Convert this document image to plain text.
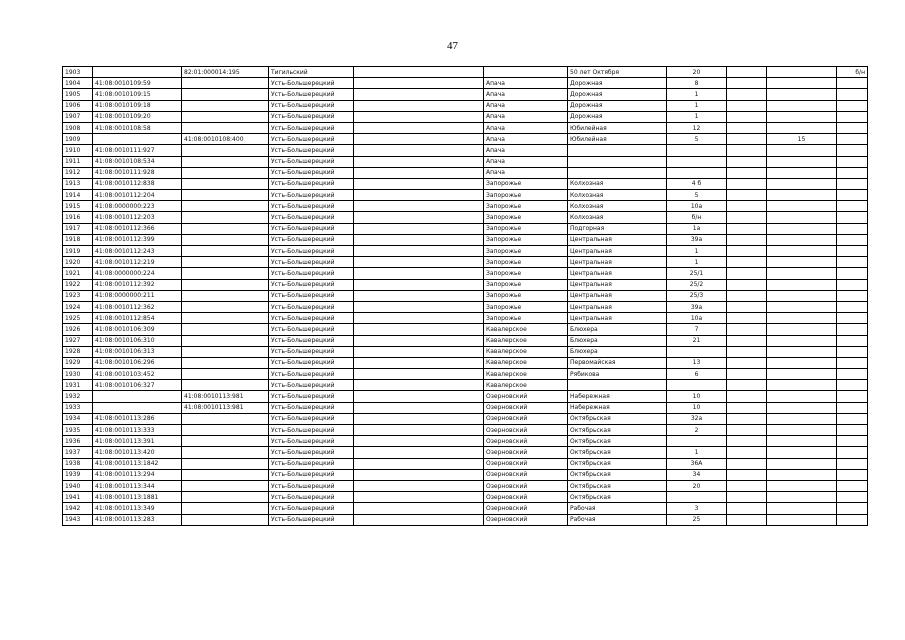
47
1903		82:01:000014:195	Тигильский			50 лет Октября	20			б/н
1904	41:08:0010109:59		Усть-Большерецкий		Апача	Дорожная	8			
1905	41:08:0010109:15		Усть-Большерецкий		Апача	Дорожная	1			
1906	41:08:0010109:18		Усть-Большерецкий		Апача	Дорожная	1			
1907	41:08:0010109:20		Усть-Большерецкий		Апача	Дорожная	1			
1908	41:08:0010108:58		Усть-Большерецкий		Апача	Юбилейная	12			
1909		41:08:0010108:400	Усть-Большерецкий		Апача	Юбилейная	5		15	
1910	41:08:0010111:927		Усть-Большерецкий		Апача					
1911	41:08:0010108:534		Усть-Большерецкий		Апача					
1912	41:08:0010111:928		Усть-Большерецкий		Апача					
1913	41:08:0010112:838		Усть-Большерецкий		Запорожье	Колхозная	4 б			
1914	41:08:0010112:204		Усть-Большерецкий		Запорожье	Колхозная	5			
1915	41:08:0000000:223		Усть-Большерецкий		Запорожье	Колхозная	10а			
1916	41:08:0010112:203		Усть-Большерецкий		Запорожье	Колхозная	б/н			
1917	41:08:0010112:366		Усть-Большерецкий		Запорожье	Подгорная	1а			
1918	41:08:0010112:399		Усть-Большерецкий		Запорожье	Центральная	39а			
1919	41:08:0010112:243		Усть-Большерецкий		Запорожье	Центральная	1			
1920	41:08:0010112:219		Усть-Большерецкий		Запорожье	Центральная	1			
1921	41:08:0000000:224		Усть-Большерецкий		Запорожье	Центральная	25/1			
1922	41:08:0010112:392		Усть-Большерецкий		Запорожье	Центральная	25/2			
1923	41:08:0000000:211		Усть-Большерецкий		Запорожье	Центральная	25/3			
1924	41:08:0010112:362		Усть-Большерецкий		Запорожье	Центральная	39а			
1925	41:08:0010112:854		Усть-Большерецкий		Запорожье	Центральная	10а			
1926	41:08:0010106:309		Усть-Большерецкий		Кавалерское	Блюхера	7			
1927	41:08:0010106:310		Усть-Большерецкий		Кавалерское	Блюхера	21			
1928	41:08:0010106:313		Усть-Большерецкий		Кавалерское	Блюхера				
1929	41:08:0010106:296		Усть-Большерецкий		Кавалерское	Первомайская	13			
1930	41:08:0010103:452		Усть-Большерецкий		Кавалерское	Рябикова	6			
1931	41:08:0010106:327		Усть-Большерецкий		Кавалерское					
1932		41:08:0010113:981	Усть-Большерецкий		Озерновский	Набережная	10			
1933		41:08:0010113:981	Усть-Большерецкий		Озерновский	Набережная	10			
1934	41:08:0010113:286		Усть-Большерецкий		Озерновский	Октябрьская	32а			
1935	41:08:0010113:333		Усть-Большерецкий		Озерновский	Октябрьская	2			
1936	41:08:0010113:391		Усть-Большерецкий		Озерновский	Октябрьская				
1937	41:08:0010113:420		Усть-Большерецкий		Озерновский	Октябрьская	1			
1938	41:08:0010113:1842		Усть-Большерецкий		Озерновский	Октябрьская	36А			
1939	41:08:0010113:294		Усть-Большерецкий		Озерновский	Октябрьская	34			
1940	41:08:0010113:344		Усть-Большерецкий		Озерновский	Октябрьская	20			
1941	41:08:0010113:1881		Усть-Большерецкий		Озерновский	Октябрьская				
1942	41:08:0010113:349		Усть-Большерецкий		Озерновский	Рабочая	3			
1943	41:08:0010113:283		Усть-Большерецкий		Озерновский	Рабочая	25			
